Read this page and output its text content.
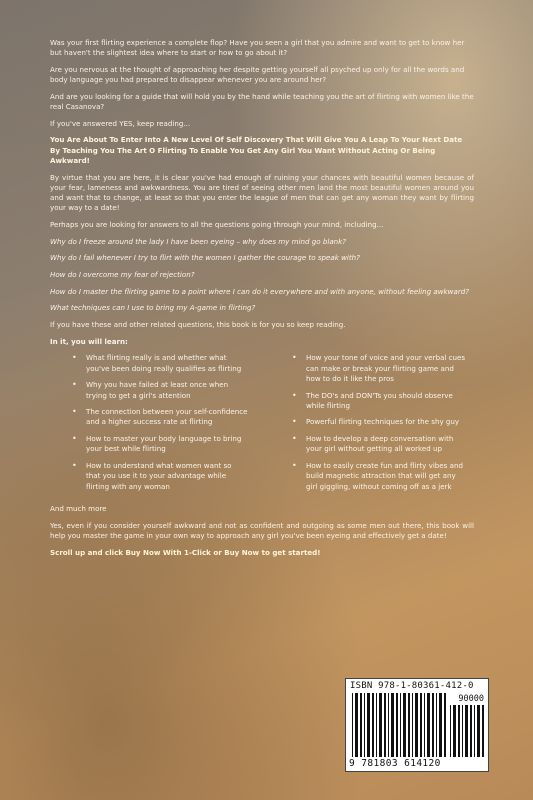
Was your first flirting experience a complete flop? Have you seen a girl that you admire and want to get to know her but haven't the slightest idea where to start or how to go about it?

Are you nervous at the thought of approaching her despite getting yourself all psyched up only for all the words and body language you had prepared to disappear whenever you are around her?

And are you looking for a guide that will hold you by the hand while teaching you the art of flirting with women like the real Casanova?

If you've answered YES, keep reading...

You Are About To Enter Into A New Level Of Self Discovery That Will Give You A Leap To Your Next Date By Teaching You The Art O Flirting To Enable You Get Any Girl You Want Without Acting Or Being Awkward!

By virtue that you are here, it is clear you've had enough of ruining your chances with beautiful women because of your fear, lameness and awkwardness. You are tired of seeing other men land the most beautiful women around you and want that to change, at least so that you enter the league of men that can get any woman they want by flirting your way to a date!

Perhaps you are looking for answers to all the questions going through your mind, including...

Why do I freeze around the lady I have been eyeing – why does my mind go blank?

Why do I fail whenever I try to flirt with the women I gather the courage to speak with?

How do I overcome my fear of rejection?

How do I master the flirting game to a point where I can do it everywhere and with anyone, without feeling awkward?

What techniques can I use to bring my A-game in flirting?

If you have these and other related questions, this book is for you so keep reading.

In it, you will learn:

• What flirting really is and whether what you've been doing really qualifies as flirting
• Why you have failed at least once when trying to get a girl's attention
• The connection between your self-confidence and a higher success rate at flirting
• How to master your body language to bring your best while flirting
• How to understand what women want so that you use it to your advantage while flirting with any woman
• How your tone of voice and your verbal cues can make or break your flirting game and how to do it like the pros
• The DO's and DON'Ts you should observe while flirting
• Powerful flirting techniques for the shy guy
• How to develop a deep conversation with your girl without getting all worked up
• How to easily create fun and flirty vibes and build magnetic attraction that will get any girl giggling, without coming off as a jerk

And much more

Yes, even if you consider yourself awkward and not as confident and outgoing as some men out there, this book will help you master the game in your own way to approach any girl you've been eyeing and effectively get a date!

Scroll up and click Buy Now With 1-Click or Buy Now to get started!

ISBN 978-1-80361-412-0
90000
9 781803 614120
